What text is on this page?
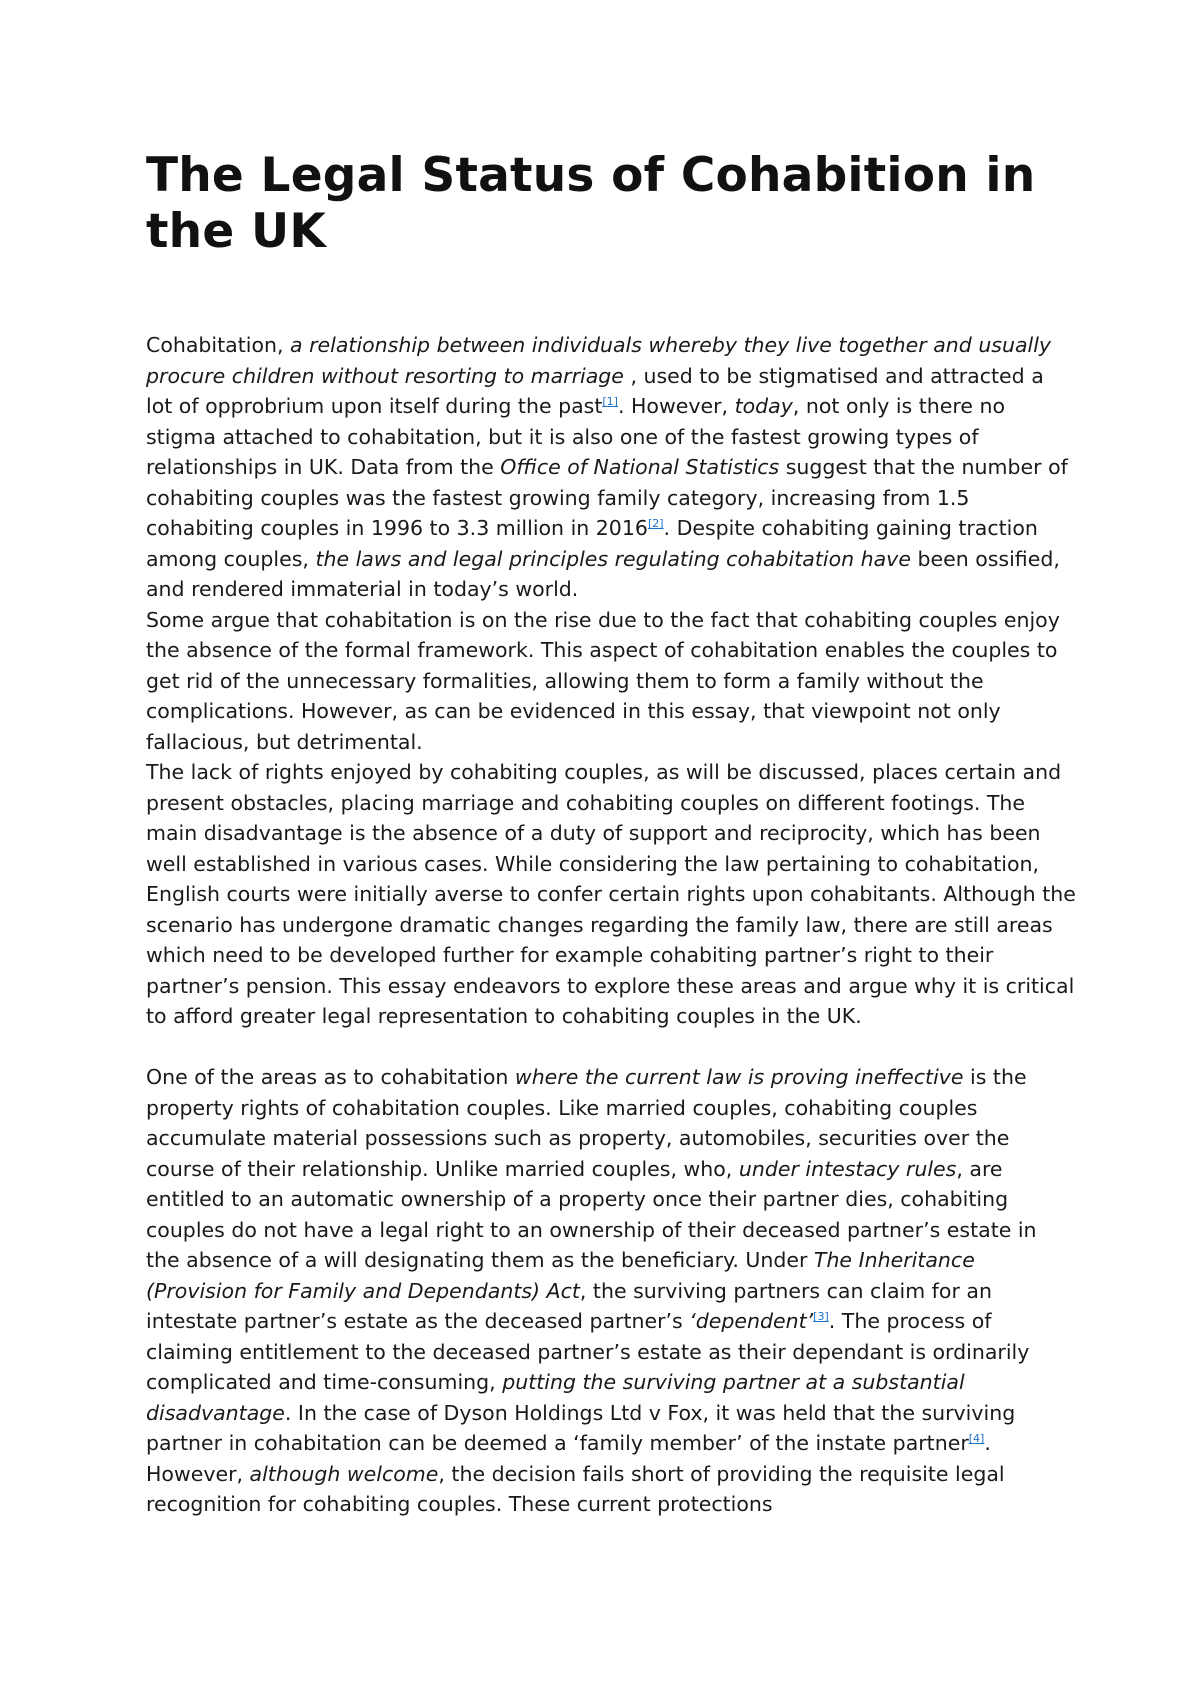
The Legal Status of Cohabition in the UK

Cohabitation, a relationship between individuals whereby they live together and usually procure children without resorting to marriage , used to be stigmatised and attracted a lot of opprobrium upon itself during the past[1]. However, today, not only is there no stigma attached to cohabitation, but it is also one of the fastest growing types of relationships in UK. Data from the Office of National Statistics suggest that the number of cohabiting couples was the fastest growing family category, increasing from 1.5 cohabiting couples in 1996 to 3.3 million in 2016[2]. Despite cohabiting gaining traction among couples, the laws and legal principles regulating cohabitation have been ossified, and rendered immaterial in today’s world.

Some argue that cohabitation is on the rise due to the fact that cohabiting couples enjoy the absence of the formal framework. This aspect of cohabitation enables the couples to get rid of the unnecessary formalities, allowing them to form a family without the complications. However, as can be evidenced in this essay, that viewpoint not only fallacious, but detrimental.

The lack of rights enjoyed by cohabiting couples, as will be discussed, places certain and present obstacles, placing marriage and cohabiting couples on different footings. The main disadvantage is the absence of a duty of support and reciprocity, which has been well established in various cases. While considering the law pertaining to cohabitation, English courts were initially averse to confer certain rights upon cohabitants. Although the scenario has undergone dramatic changes regarding the family law, there are still areas which need to be developed further for example cohabiting partner’s right to their partner’s pension. This essay endeavors to explore these areas and argue why it is critical to afford greater legal representation to cohabiting couples in the UK.

One of the areas as to cohabitation where the current law is proving ineffective is the property rights of cohabitation couples. Like married couples, cohabiting couples accumulate material possessions such as property, automobiles, securities over the course of their relationship. Unlike married couples, who, under intestacy rules, are entitled to an automatic ownership of a property once their partner dies, cohabiting couples do not have a legal right to an ownership of their deceased partner’s estate in the absence of a will designating them as the beneficiary. Under The Inheritance (Provision for Family and Dependants) Act, the surviving partners can claim for an intestate partner’s estate as the deceased partner’s ‘dependent’[3]. The process of claiming entitlement to the deceased partner’s estate as their dependant is ordinarily complicated and time-consuming, putting the surviving partner at a substantial disadvantage. In the case of Dyson Holdings Ltd v Fox, it was held that the surviving partner in cohabitation can be deemed a ‘family member’ of the instate partner[4]. However, although welcome, the decision fails short of providing the requisite legal recognition for cohabiting couples. These current protections
